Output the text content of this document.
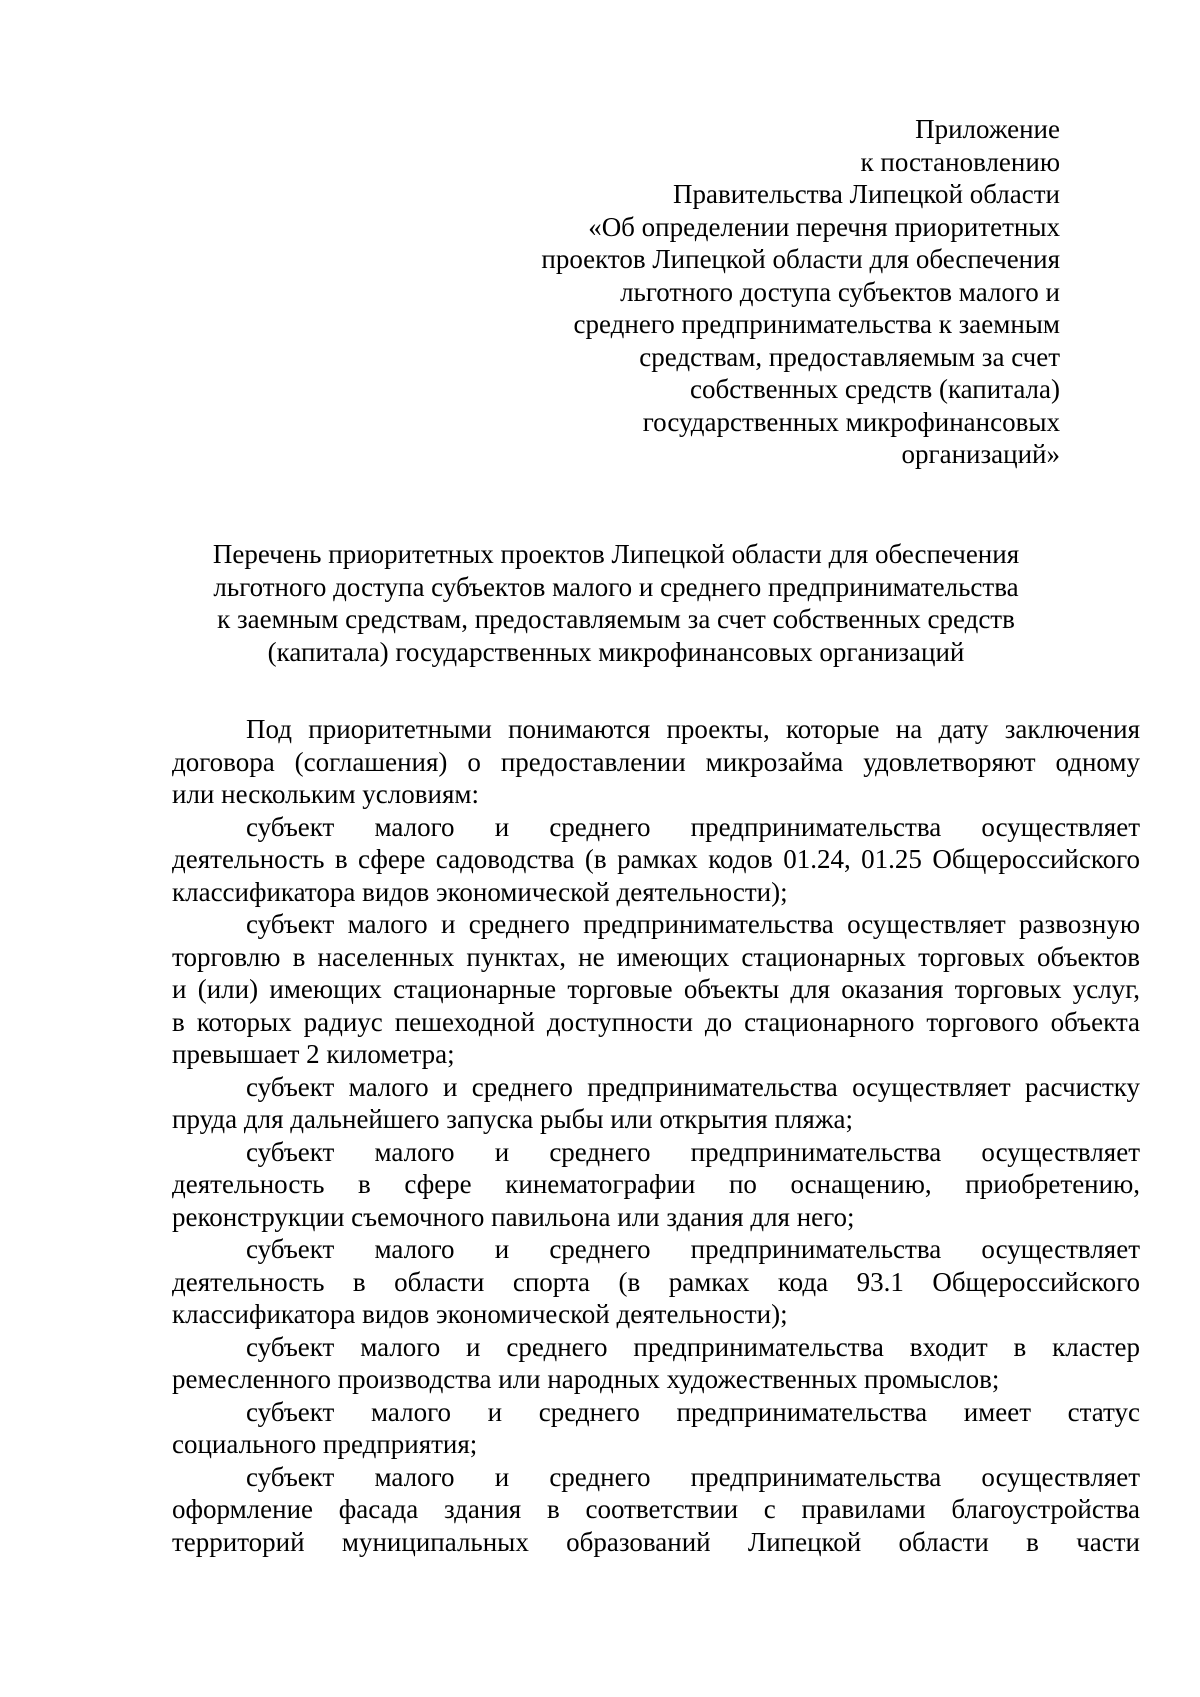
Приложение
к постановлению
Правительства Липецкой области
«Об определении перечня приоритетных
проектов Липецкой области для обеспечения
льготного доступа субъектов малого и
среднего предпринимательства к заемным
средствам, предоставляемым за счет
собственных средств (капитала)
государственных микрофинансовых
организаций»
Перечень приоритетных проектов Липецкой области для обеспечения
льготного доступа субъектов малого и среднего предпринимательства
к заемным средствам, предоставляемым за счет собственных средств
(капитала) государственных микрофинансовых организаций
Под приоритетными понимаются проекты, которые на дату заключения
договора (соглашения) о предоставлении микрозайма удовлетворяют одному
или нескольким условиям:
субъект малого и среднего предпринимательства осуществляет
деятельность в сфере садоводства (в рамках кодов 01.24, 01.25 Общероссийского
классификатора видов экономической деятельности);
субъект малого и среднего предпринимательства осуществляет развозную
торговлю в населенных пунктах, не имеющих стационарных торговых объектов
и (или) имеющих стационарные торговые объекты для оказания торговых услуг,
в которых радиус пешеходной доступности до стационарного торгового объекта
превышает 2 километра;
субъект малого и среднего предпринимательства осуществляет расчистку
пруда для дальнейшего запуска рыбы или открытия пляжа;
субъект малого и среднего предпринимательства осуществляет
деятельность в сфере кинематографии по оснащению, приобретению,
реконструкции съемочного павильона или здания для него;
субъект малого и среднего предпринимательства осуществляет
деятельность в области спорта (в рамках кода 93.1 Общероссийского
классификатора видов экономической деятельности);
субъект малого и среднего предпринимательства входит в кластер
ремесленного производства или народных художественных промыслов;
субъект малого и среднего предпринимательства имеет статус
социального предприятия;
субъект малого и среднего предпринимательства осуществляет
оформление фасада здания в соответствии с правилами благоустройства
территорий муниципальных образований Липецкой области в части
